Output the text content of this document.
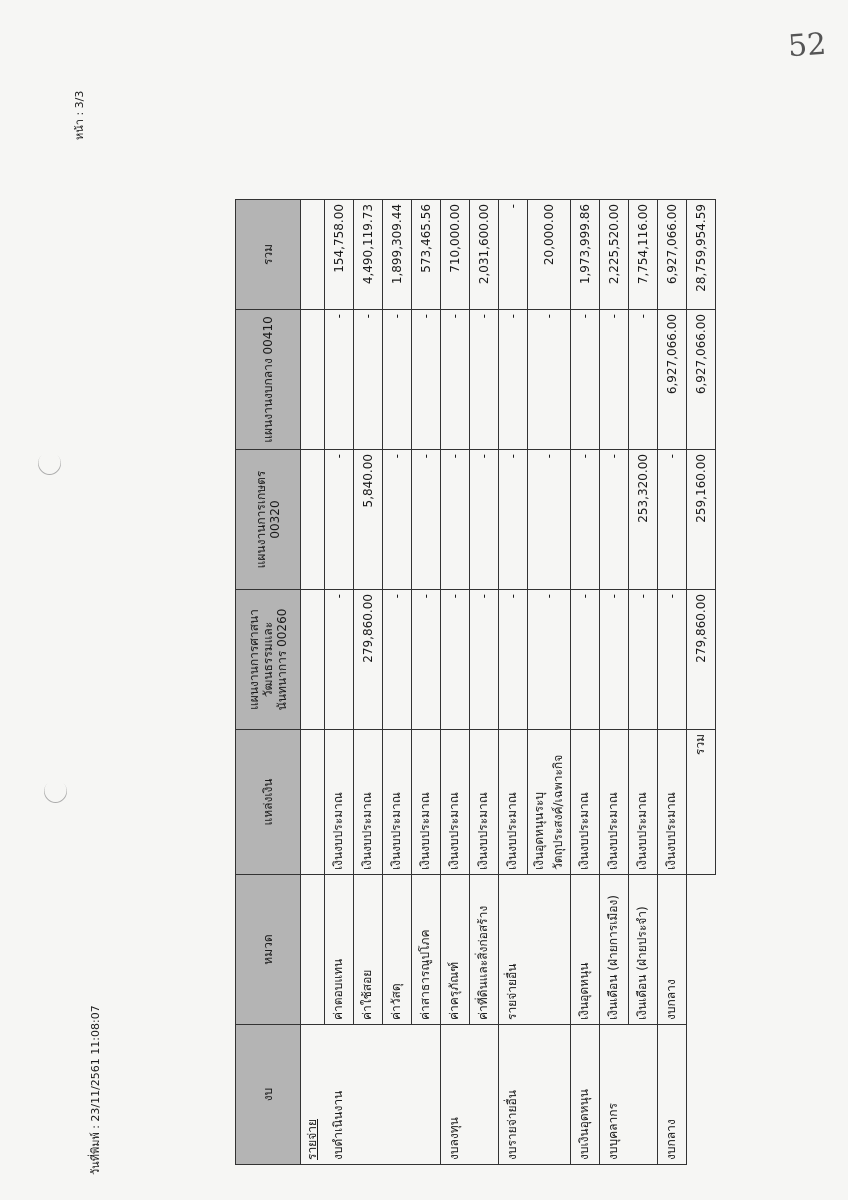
52
วันที่พิมพ์ : 23/11/2561 11:08:07
หน้า : 3/3
งบ	หมวด	แหล่งเงิน	แผนงานการศาสนา วัฒนธรรมและ นันทนาการ 00260	แผนงานการเกษตร 00320	แผนงานงบกลาง 00410	รวม
รายจ่าย						
งบดำเนินงาน	ค่าตอบแทน	เงินงบประมาณ	-	-	-	154,758.00
	ค่าใช้สอย	เงินงบประมาณ	279,860.00	5,840.00	-	4,490,119.73
	ค่าวัสดุ	เงินงบประมาณ	-	-	-	1,899,309.44
	ค่าสาธารณูปโภค	เงินงบประมาณ	-	-	-	573,465.56
งบลงทุน	ค่าครุภัณฑ์	เงินงบประมาณ	-	-	-	710,000.00
	ค่าที่ดินและสิ่งก่อสร้าง	เงินงบประมาณ	-	-	-	2,031,600.00
งบรายจ่ายอื่น	รายจ่ายอื่น	เงินงบประมาณ	-	-	-	-
		เงินอุดหนุนระบุวัตถุประสงค์/เฉพาะกิจ	-	-	-	20,000.00
งบเงินอุดหนุน	เงินอุดหนุน	เงินงบประมาณ	-	-	-	1,973,999.86
งบบุคลากร	เงินเดือน (ฝ่ายการเมือง)	เงินงบประมาณ	-	-	-	2,225,520.00
	เงินเดือน (ฝ่ายประจำ)	เงินงบประมาณ	-	253,320.00	-	7,754,116.00
งบกลาง	งบกลาง	เงินงบประมาณ	-	-	6,927,066.00	6,927,066.00
		รวม	279,860.00	259,160.00	6,927,066.00	28,759,954.59
